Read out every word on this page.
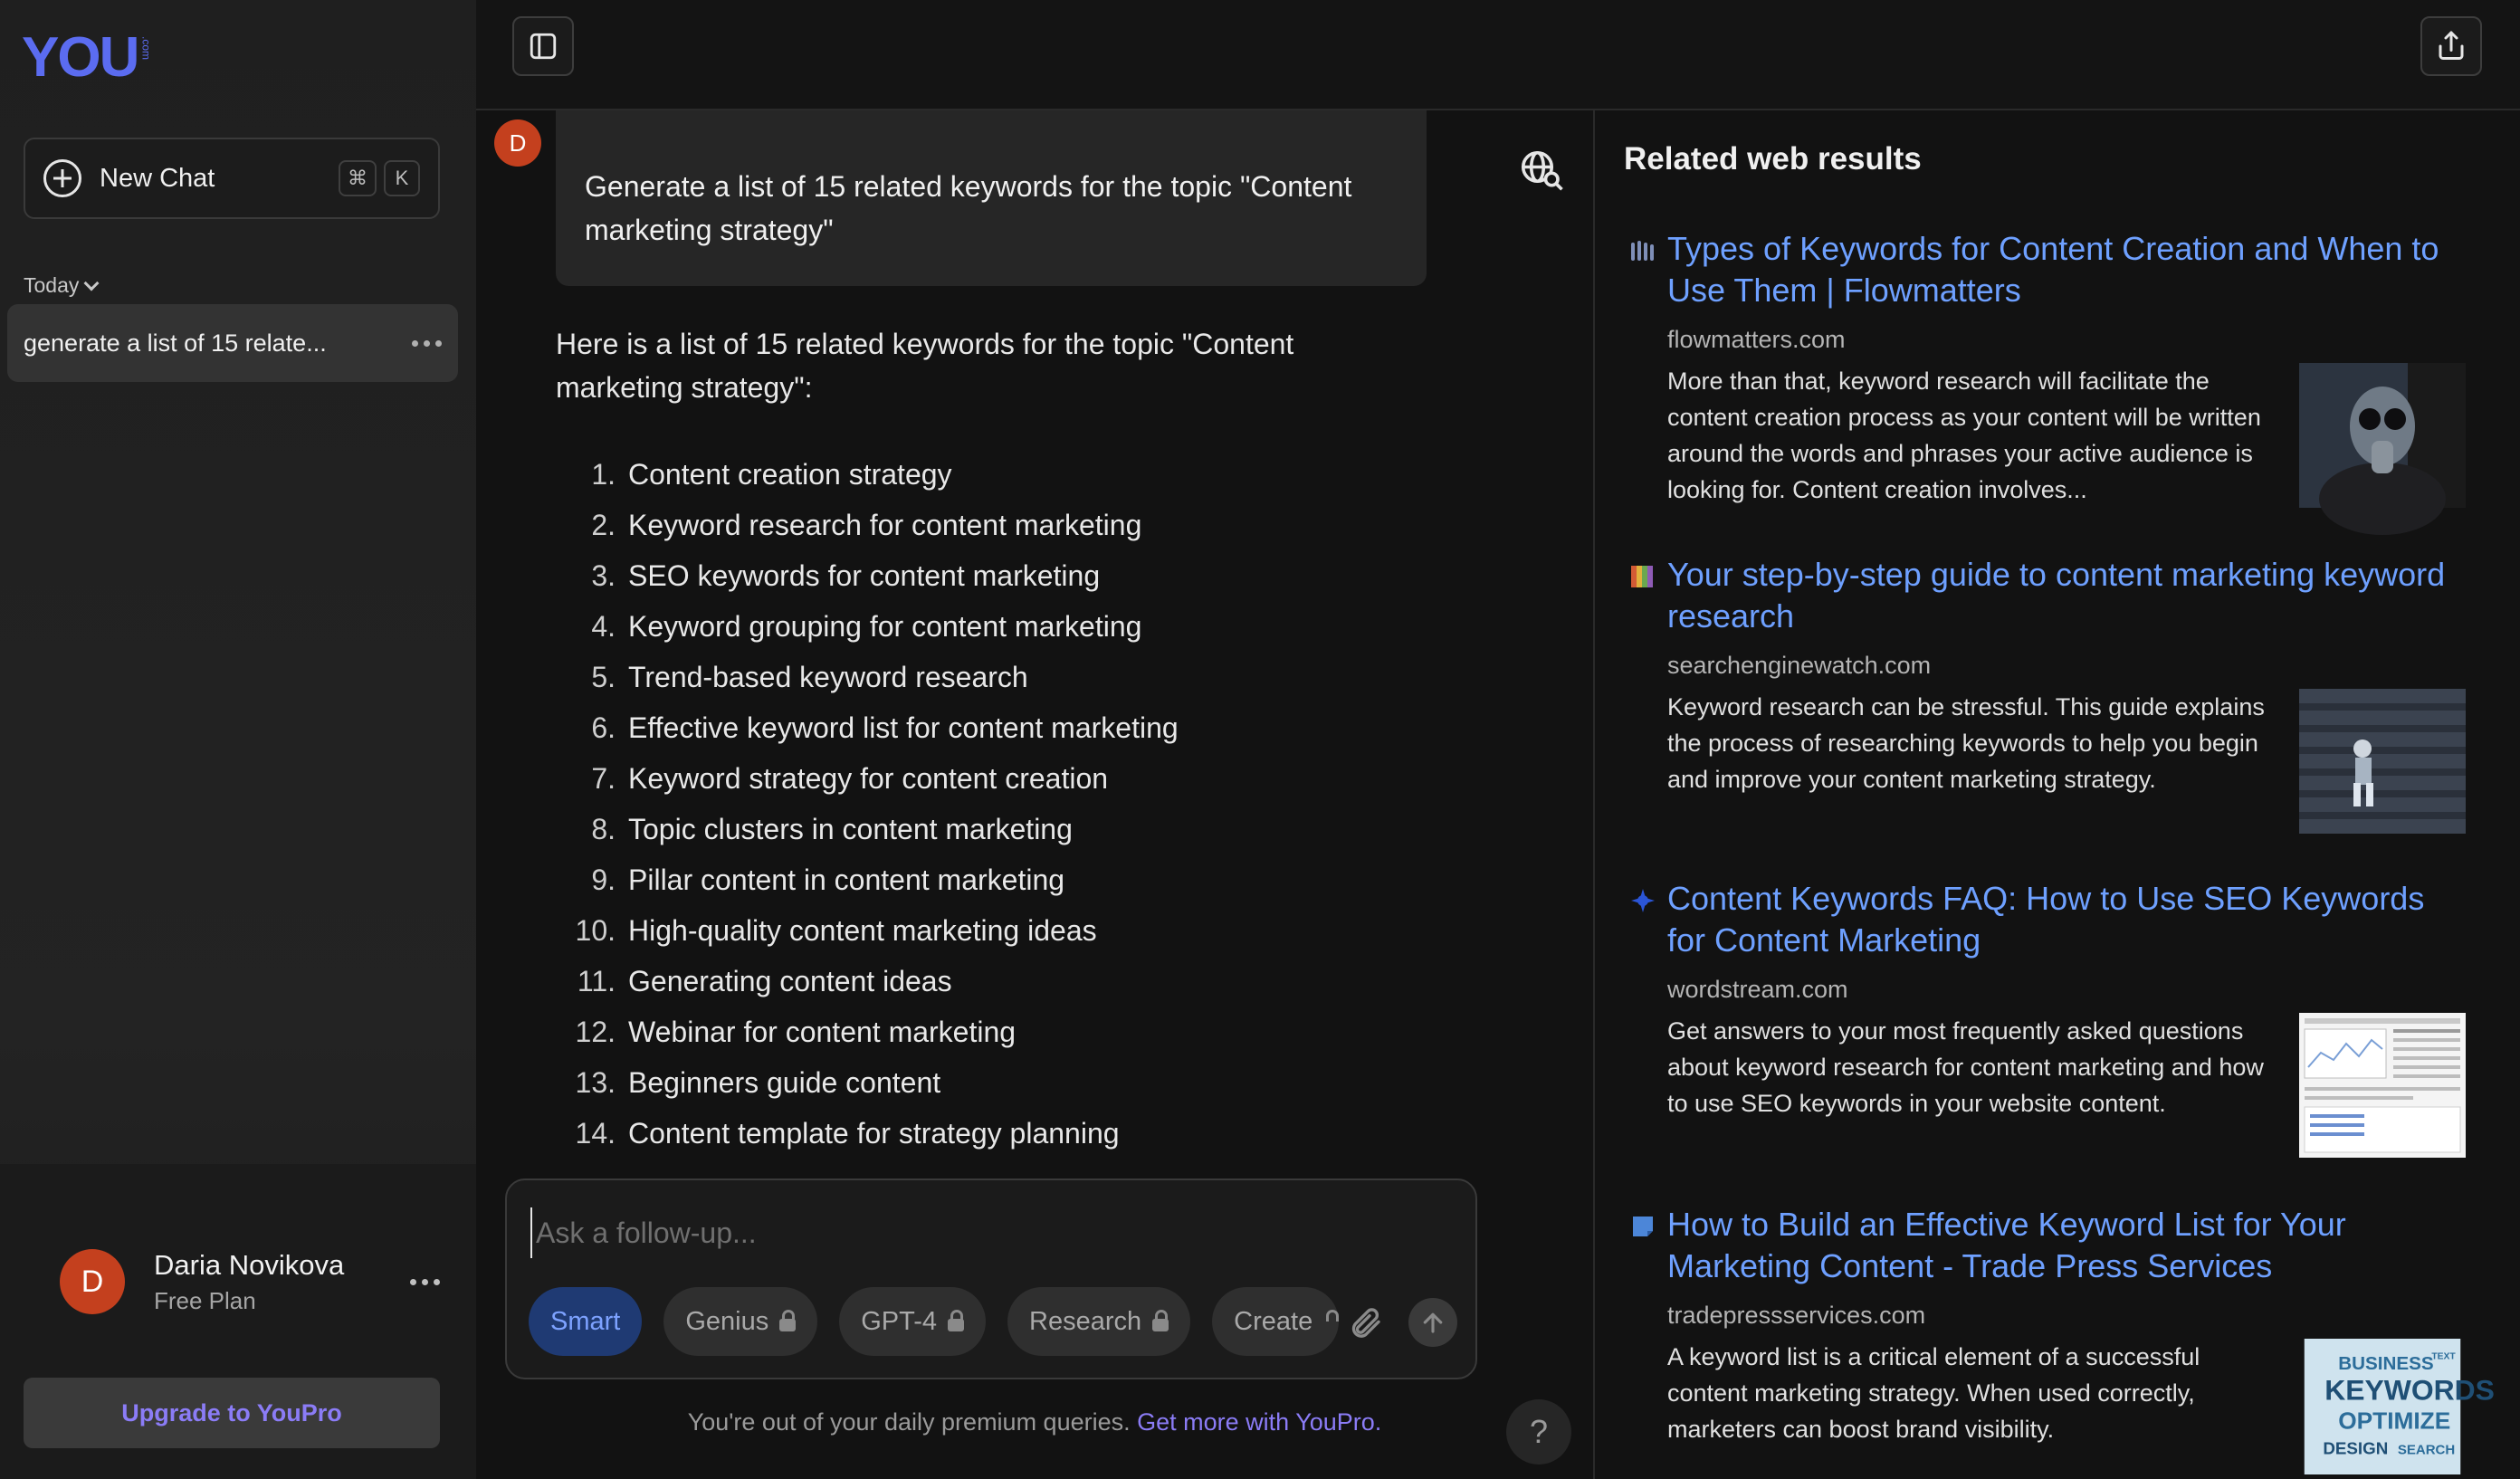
YOU .com
New Chat	⌘	K
Today
generate a list of 15 relate...
D	Daria Novikova
Free Plan
Upgrade to YouPro
D

Generate a list of 15 related keywords for the topic "Content marketing strategy"

Here is a list of 15 related keywords for the topic "Content marketing strategy":

1. Content creation strategy
2. Keyword research for content marketing
3. SEO keywords for content marketing
4. Keyword grouping for content marketing
5. Trend-based keyword research
6. Effective keyword list for content marketing
7. Keyword strategy for content creation
8. Topic clusters in content marketing
9. Pillar content in content marketing
10. High-quality content marketing ideas
11. Generating content ideas
12. Webinar for content marketing
13. Beginners guide content
14. Content template for strategy planning
Ask a follow-up...
Smart Genius	GPT-4	Research	Create

You're out of your daily premium queries. Get more with YouPro.	?
Related web results
Types of Keywords for Content Creation and When to Use Them | Flowmatters
flowmatters.com

More than that, keyword research will facilitate the content creation process as your content will be written around the words and phrases your active audience is looking for. Content creation involves...

Your step-by-step guide to content marketing keyword research
searchenginewatch.com

Keyword research can be stressful. This guide explains the process of researching keywords to help you begin and improve your content marketing strategy.

Content Keywords FAQ: How to Use SEO Keywords for Content Marketing
wordstream.com

Get answers to your most frequently asked questions about keyword research for content marketing and how to use SEO keywords in your website content.

How to Build an Effective Keyword List for Your Marketing Content - Trade Press Services
tradepressservices.com

A keyword list is a critical element of a successful content marketing strategy. When used correctly, marketers can boost brand visibility.

BUSINESS
TEXT
KEYWORDS
OPTIMIZE
DESIGN SEARCH
